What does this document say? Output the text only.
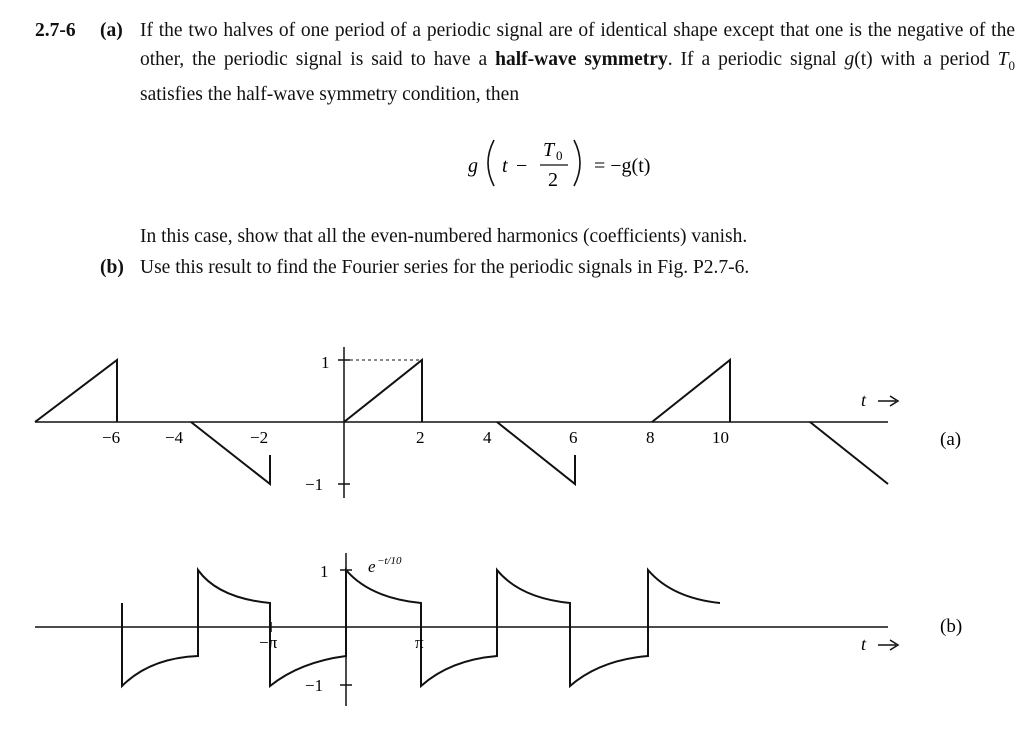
2.7-6 (a) If the two halves of one period of a periodic signal are of identical shape except that one is the negative of the other, the periodic signal is said to have a half-wave symmetry. If a periodic signal g(t) with a period $T_0$ satisfies the half-wave symmetry condition, then
g t −
T 0
2
= −g(t)
In this case, show that all the even-numbered harmonics (coefficients) vanish.
(b) Use this result to find the Fourier series for the periodic signals in Fig. P2.7-6.
1
−1
t
−6	−4	−2	2	4	6	8	10	(a)
1
−1
−π	π
e −t/10
t
(b)
